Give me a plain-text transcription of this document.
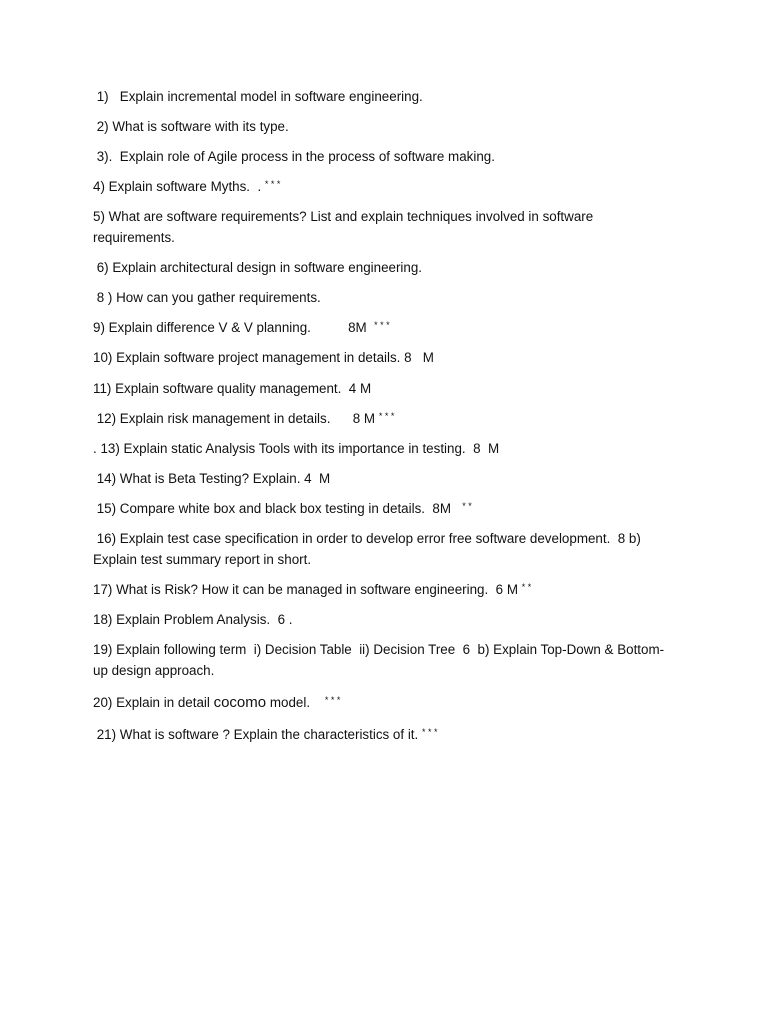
1)   Explain incremental model in software engineering.

2) What is software with its type.

3).  Explain role of Agile process in the process of software making.

4) Explain software Myths.  . * * *

5) What are software requirements? List and explain techniques involved in software requirements.

6) Explain architectural design in software engineering.

8 ) How can you gather requirements.

9) Explain difference V & V planning.          8M  * * *

10) Explain software project management in details. 8   M

11) Explain software quality management.  4 M

12) Explain risk management in details.      8 M * * *

. 13) Explain static Analysis Tools with its importance in testing.  8  M

14) What is Beta Testing? Explain. 4  M

15) Compare white box and black box testing in details.  8M   * *

16) Explain test case specification in order to develop error free software development.  8 b) Explain test summary report in short.

17) What is Risk? How it can be managed in software engineering.  6 M * *

18) Explain Problem Analysis.  6 .

19) Explain following term  i) Decision Table  ii) Decision Tree  6  b) Explain Top-Down & Bottom-up design approach.

20) Explain in detail cocomo model.    * * *

21) What is software ? Explain the characteristics of it. * * *
